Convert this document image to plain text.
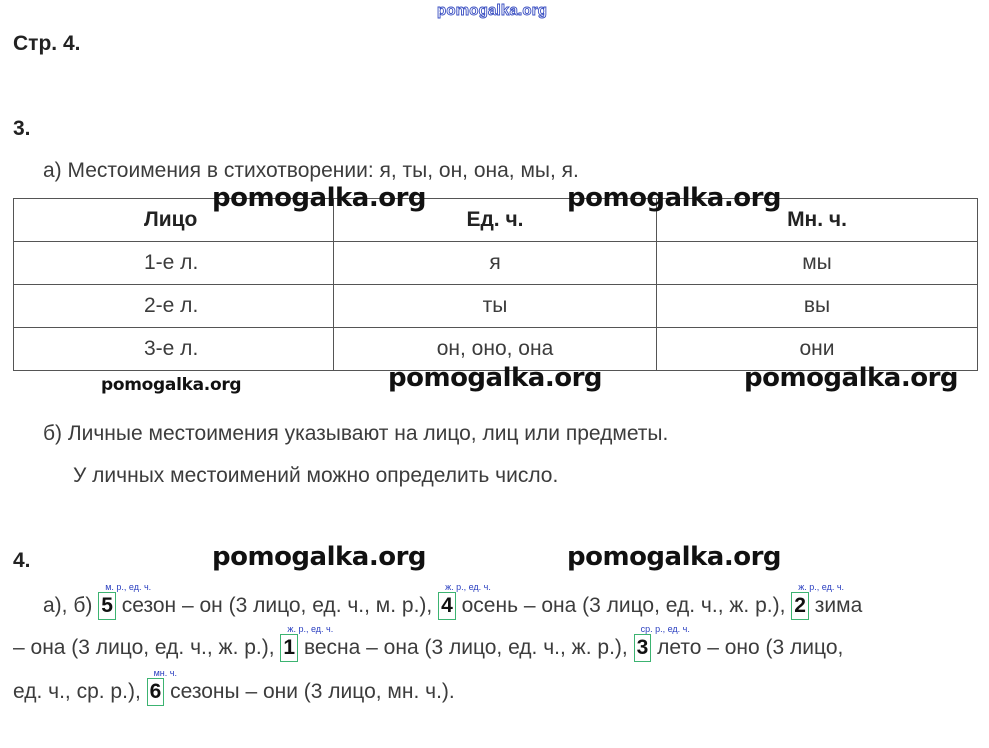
pomogalka.org
Стр. 4.
3.
а) Местоимения в стихотворении: я, ты, он, она, мы, я.
Лицо	Ед. ч.	Мн. ч.
1-е л.	я	мы
2-е л.	ты	вы
3-е л.	он, оно, она	они
pomogalka.org	pomogalka.org
pomogalka.org	pomogalka.org	pomogalka.org
pomogalka.org	pomogalka.org
б) Личные местоимения указывают на лицо, лиц или предметы.
У личных местоимений можно определить число.
4.
а), б)
м. р., ед. ч.
5 сезон – он (3 лицо, ед. ч., м. р.),
ж. р., ед. ч.
4 осень – она (3 лицо, ед. ч., ж. р.),
ж. р., ед. ч.
2 зима
– она (3 лицо, ед. ч., ж. р.),
ж. р., ед. ч.
1 весна – она (3 лицо, ед. ч., ж. р.),
ср. р., ед. ч.
3 лето – оно (3 лицо,
ед. ч., ср. р.),
мн. ч.
6 сезоны – они (3 лицо, мн. ч.).
